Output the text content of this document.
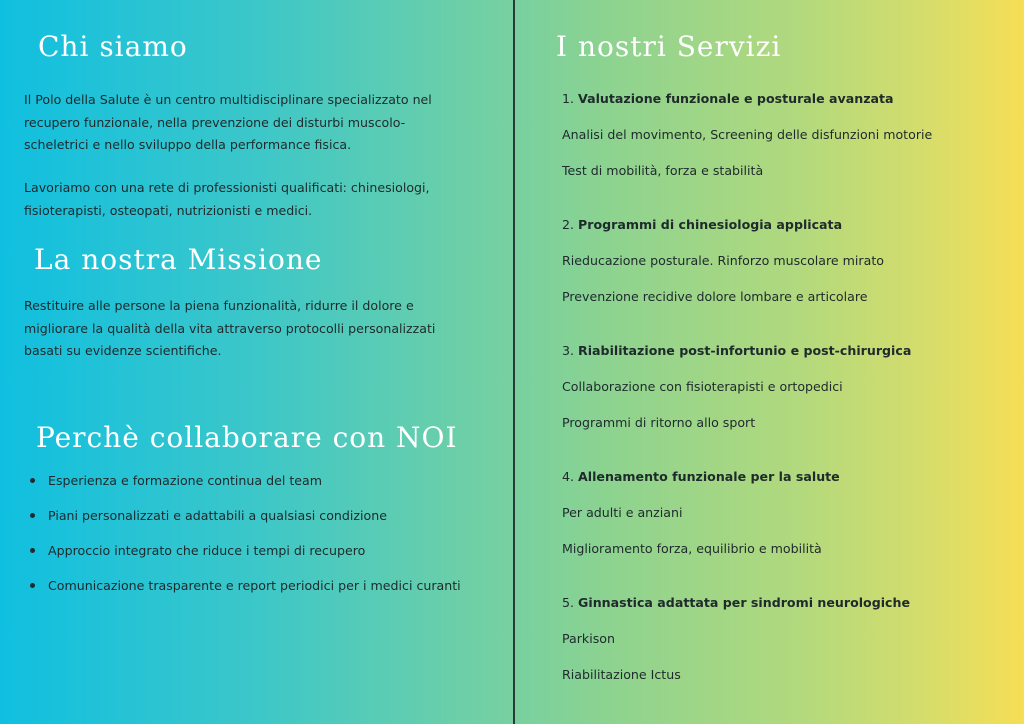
Chi siamo
Il Polo della Salute è un centro multidisciplinare specializzato nel
recupero funzionale, nella prevenzione dei disturbi muscolo-
scheletrici e nello sviluppo della performance fisica.
Lavoriamo con una rete di professionisti qualificati: chinesiologi,
fisioterapisti, osteopati, nutrizionisti e medici.
La nostra Missione
Restituire alle persone la piena funzionalità, ridurre il dolore e
migliorare la qualità della vita attraverso protocolli personalizzati
basati su evidenze scientifiche.
Perchè collaborare con NOI
Esperienza e formazione continua del team
Piani personalizzati e adattabili a qualsiasi condizione
Approccio integrato che riduce i tempi di recupero
Comunicazione trasparente e report periodici per i medici curanti
I nostri Servizi
1. Valutazione funzionale e posturale avanzata
Analisi del movimento, Screening delle disfunzioni motorie
Test di mobilità, forza e stabilità
2. Programmi di chinesiologia applicata
Rieducazione posturale. Rinforzo muscolare mirato
Prevenzione recidive dolore lombare e articolare
3. Riabilitazione post-infortunio e post-chirurgica
Collaborazione con fisioterapisti e ortopedici
Programmi di ritorno allo sport
4. Allenamento funzionale per la salute
Per adulti e anziani
Miglioramento forza, equilibrio e mobilità
5. Ginnastica adattata per sindromi neurologiche
Parkison
Riabilitazione Ictus
